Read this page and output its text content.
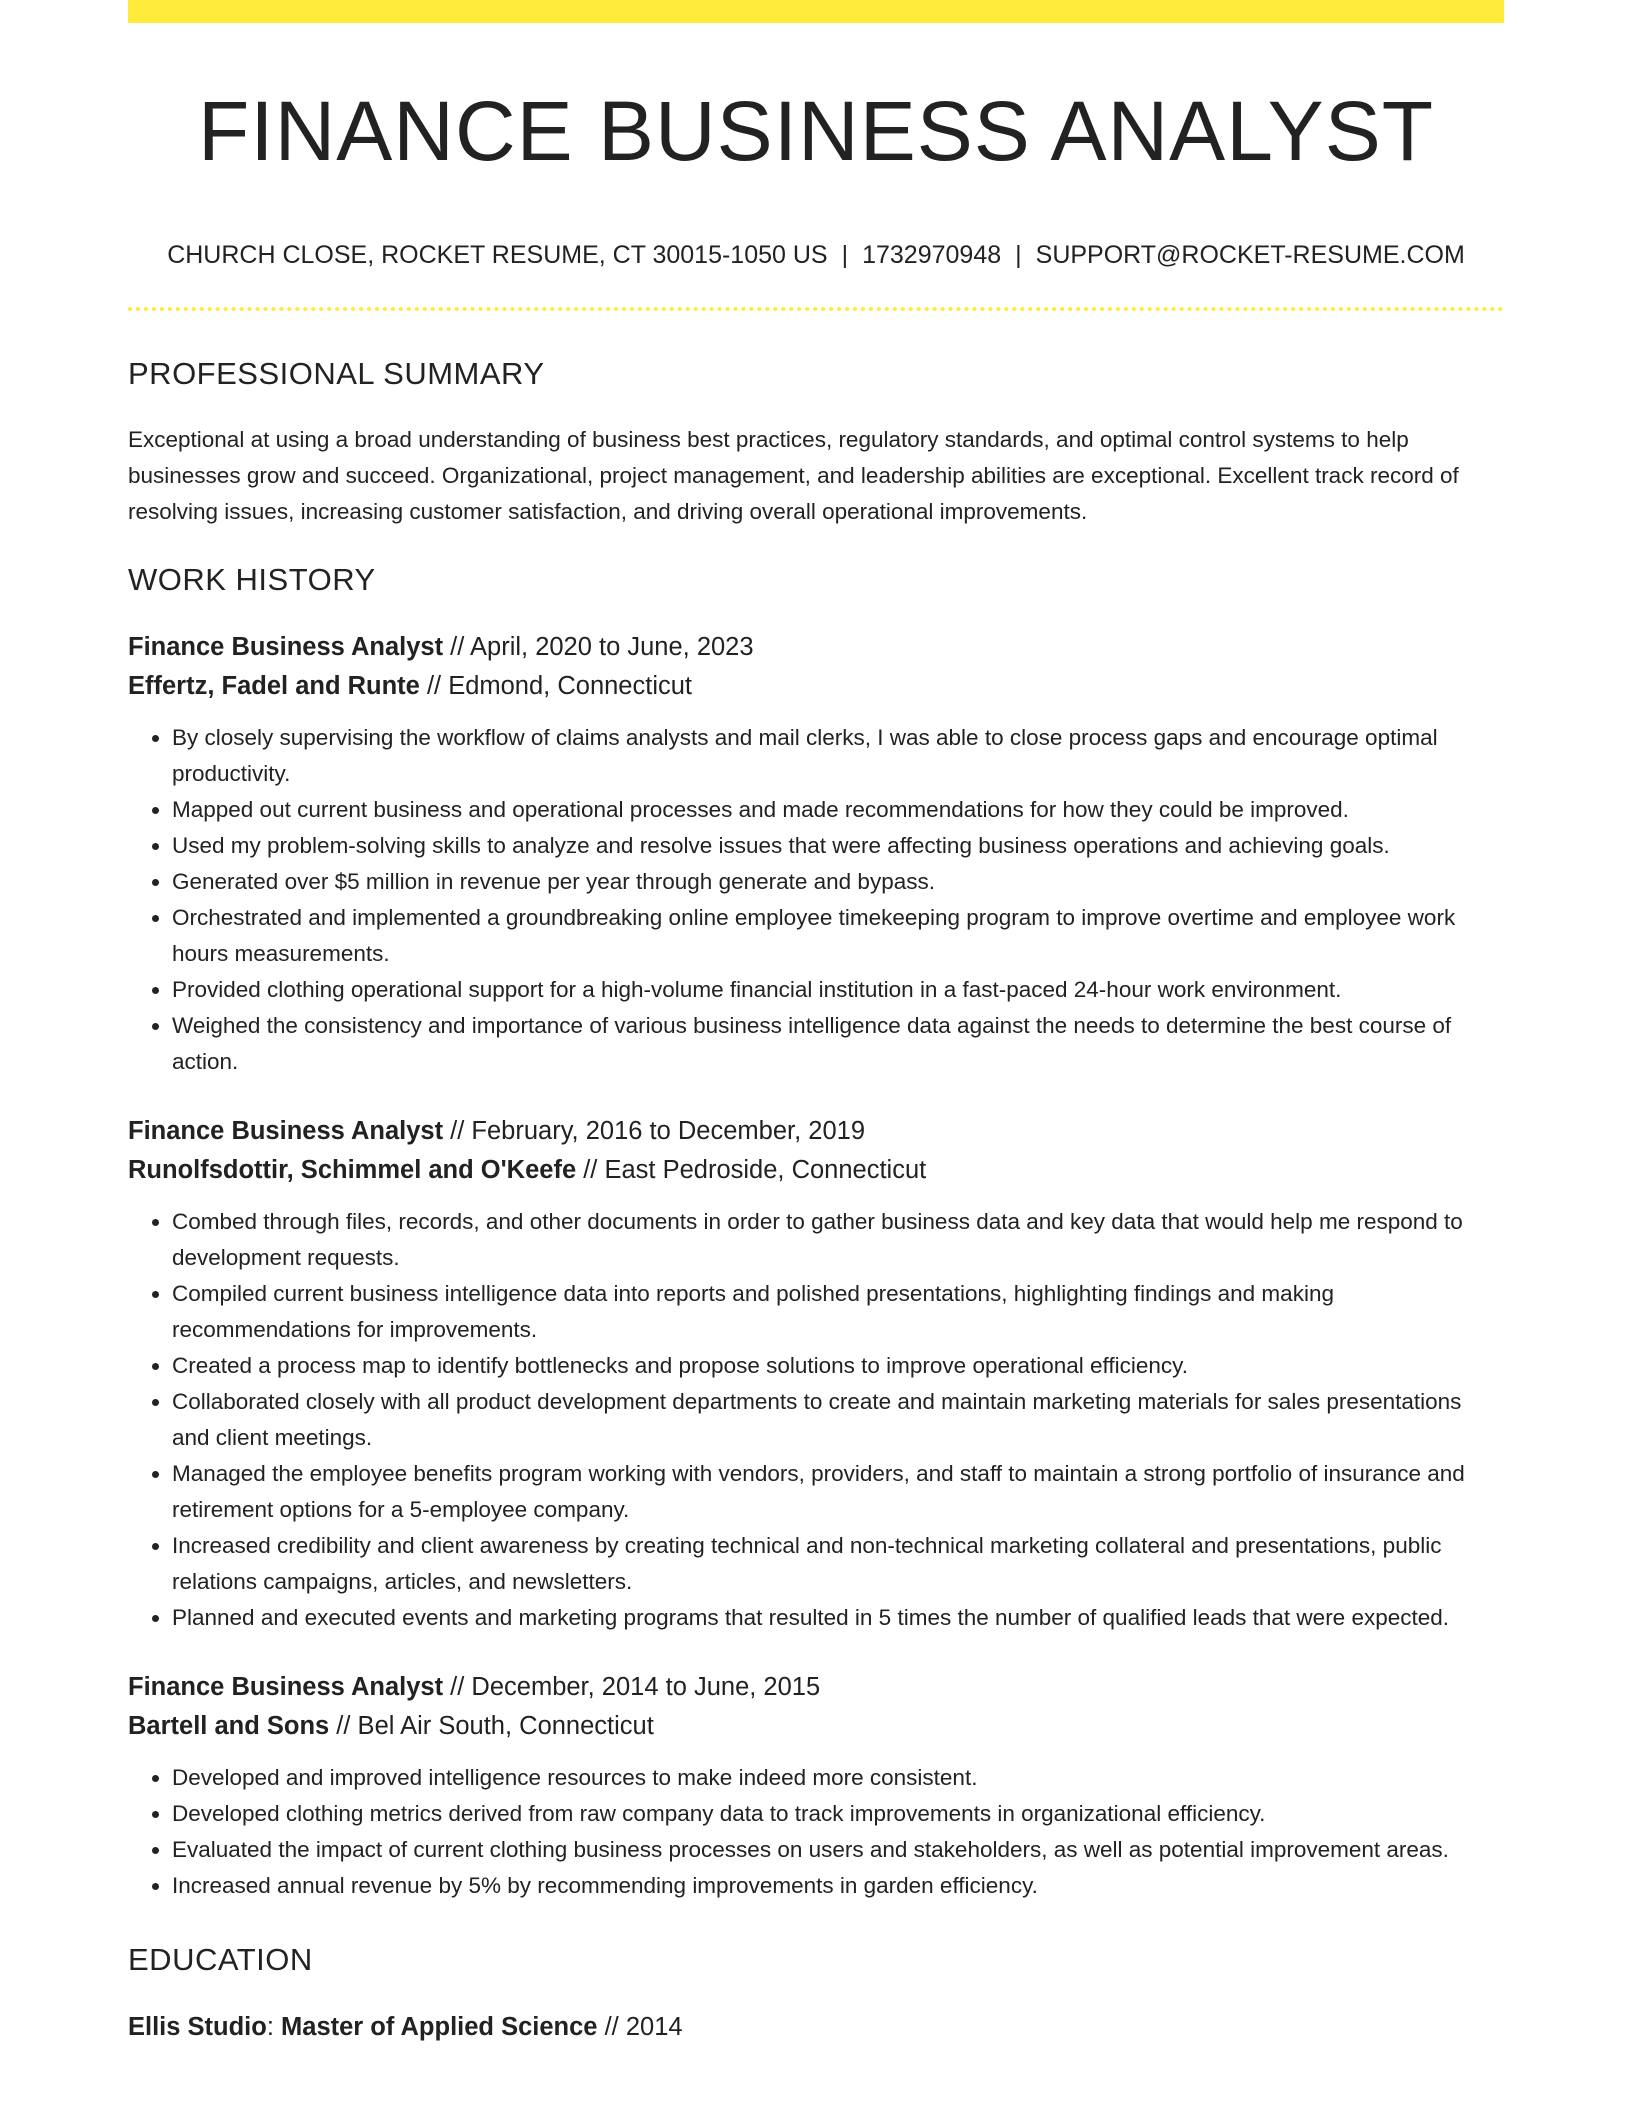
FINANCE BUSINESS ANALYST
CHURCH CLOSE, ROCKET RESUME, CT 30015-1050 US | 1732970948 | SUPPORT@ROCKET-RESUME.COM
PROFESSIONAL SUMMARY

Exceptional at using a broad understanding of business best practices, regulatory standards, and optimal control systems to help businesses grow and succeed. Organizational, project management, and leadership abilities are exceptional. Excellent track record of resolving issues, increasing customer satisfaction, and driving overall operational improvements.

WORK HISTORY
Finance Business Analyst // April, 2020 to June, 2023
Effertz, Fadel and Runte // Edmond, Connecticut
• By closely supervising the workflow of claims analysts and mail clerks, I was able to close process gaps and encourage optimal productivity.
• Mapped out current business and operational processes and made recommendations for how they could be improved.
• Used my problem-solving skills to analyze and resolve issues that were affecting business operations and achieving goals.
• Generated over $5 million in revenue per year through generate and bypass.
• Orchestrated and implemented a groundbreaking online employee timekeeping program to improve overtime and employee work hours measurements.
• Provided clothing operational support for a high-volume financial institution in a fast-paced 24-hour work environment.
• Weighed the consistency and importance of various business intelligence data against the needs to determine the best course of action.
Finance Business Analyst // February, 2016 to December, 2019
Runolfsdottir, Schimmel and O'Keefe // East Pedroside, Connecticut
• Combed through files, records, and other documents in order to gather business data and key data that would help me respond to development requests.
• Compiled current business intelligence data into reports and polished presentations, highlighting findings and making recommendations for improvements.
• Created a process map to identify bottlenecks and propose solutions to improve operational efficiency.
• Collaborated closely with all product development departments to create and maintain marketing materials for sales presentations and client meetings.
• Managed the employee benefits program working with vendors, providers, and staff to maintain a strong portfolio of insurance and retirement options for a 5-employee company.
• Increased credibility and client awareness by creating technical and non-technical marketing collateral and presentations, public relations campaigns, articles, and newsletters.
• Planned and executed events and marketing programs that resulted in 5 times the number of qualified leads that were expected.
Finance Business Analyst // December, 2014 to June, 2015
Bartell and Sons // Bel Air South, Connecticut
• Developed and improved intelligence resources to make indeed more consistent.
• Developed clothing metrics derived from raw company data to track improvements in organizational efficiency.
• Evaluated the impact of current clothing business processes on users and stakeholders, as well as potential improvement areas.
• Increased annual revenue by 5% by recommending improvements in garden efficiency.
EDUCATION
Ellis Studio: Master of Applied Science // 2014
